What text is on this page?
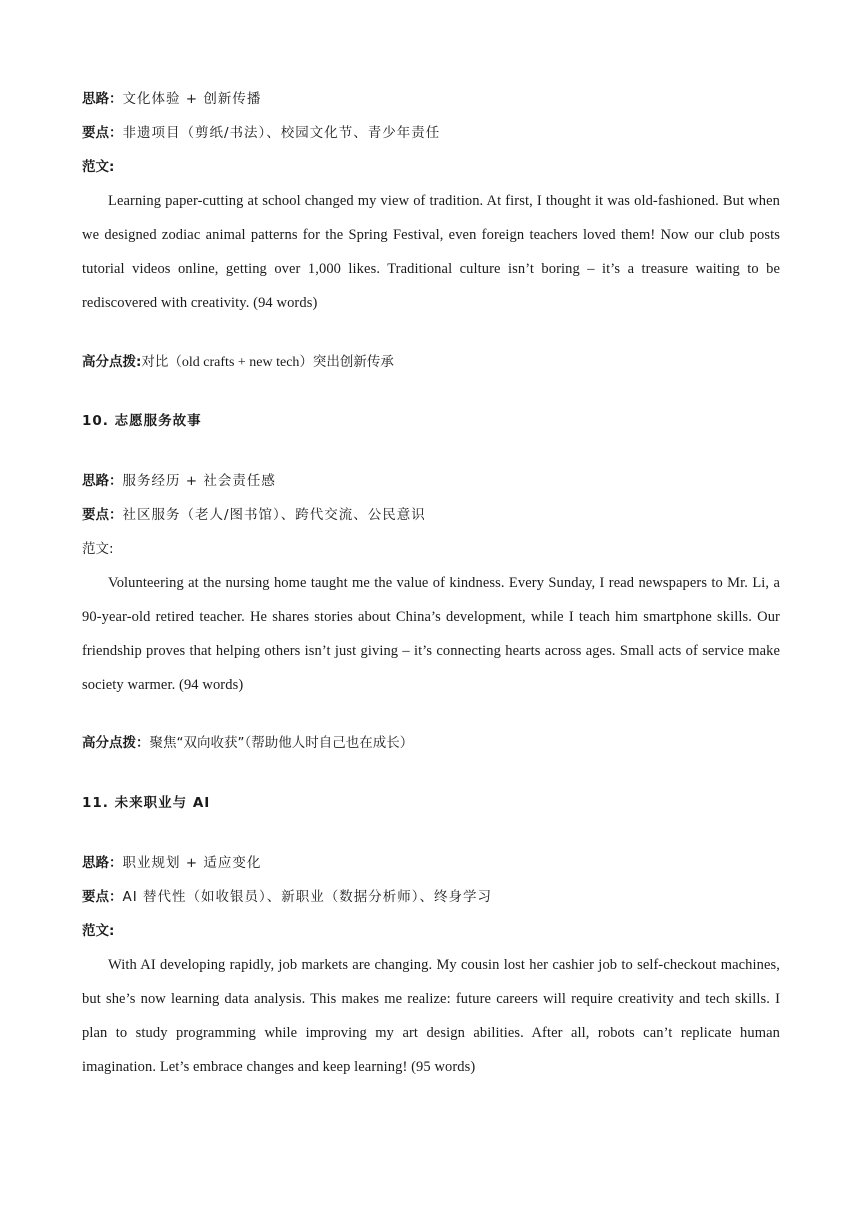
思路：文化体验 + 创新传播
要点：非遗项目（剪纸/书法）、校园文化节、青少年责任
范文:
Learning paper-cutting at school changed my view of tradition. At first, I thought it was old-fashioned. But when we designed zodiac animal patterns for the Spring Festival, even foreign teachers loved them! Now our club posts tutorial videos online, getting over 1,000 likes. Traditional culture isn’t boring – it’s a treasure waiting to be rediscovered with creativity. (94 words)
高分点拨:对比（old crafts + new tech）突出创新传承
10. 志愿服务故事
思路：服务经历 + 社会责任感
要点：社区服务（老人/图书馆）、跨代交流、公民意识
范文:
Volunteering at the nursing home taught me the value of kindness. Every Sunday, I read newspapers to Mr. Li, a 90-year-old retired teacher. He shares stories about China’s development, while I teach him smartphone skills. Our friendship proves that helping others isn’t just giving – it’s connecting hearts across ages. Small acts of service make society warmer. (94 words)
高分点拨：聚焦“双向收获”（帮助他人时自己也在成长）
11. 未来职业与 AI
思路：职业规划 + 适应变化
要点：AI 替代性（如收银员）、新职业（数据分析师）、终身学习
范文:
With AI developing rapidly, job markets are changing. My cousin lost her cashier job to self-checkout machines, but she’s now learning data analysis. This makes me realize: future careers will require creativity and tech skills. I plan to study programming while improving my art design abilities. After all, robots can’t replicate human imagination. Let’s embrace changes and keep learning! (95 words)
